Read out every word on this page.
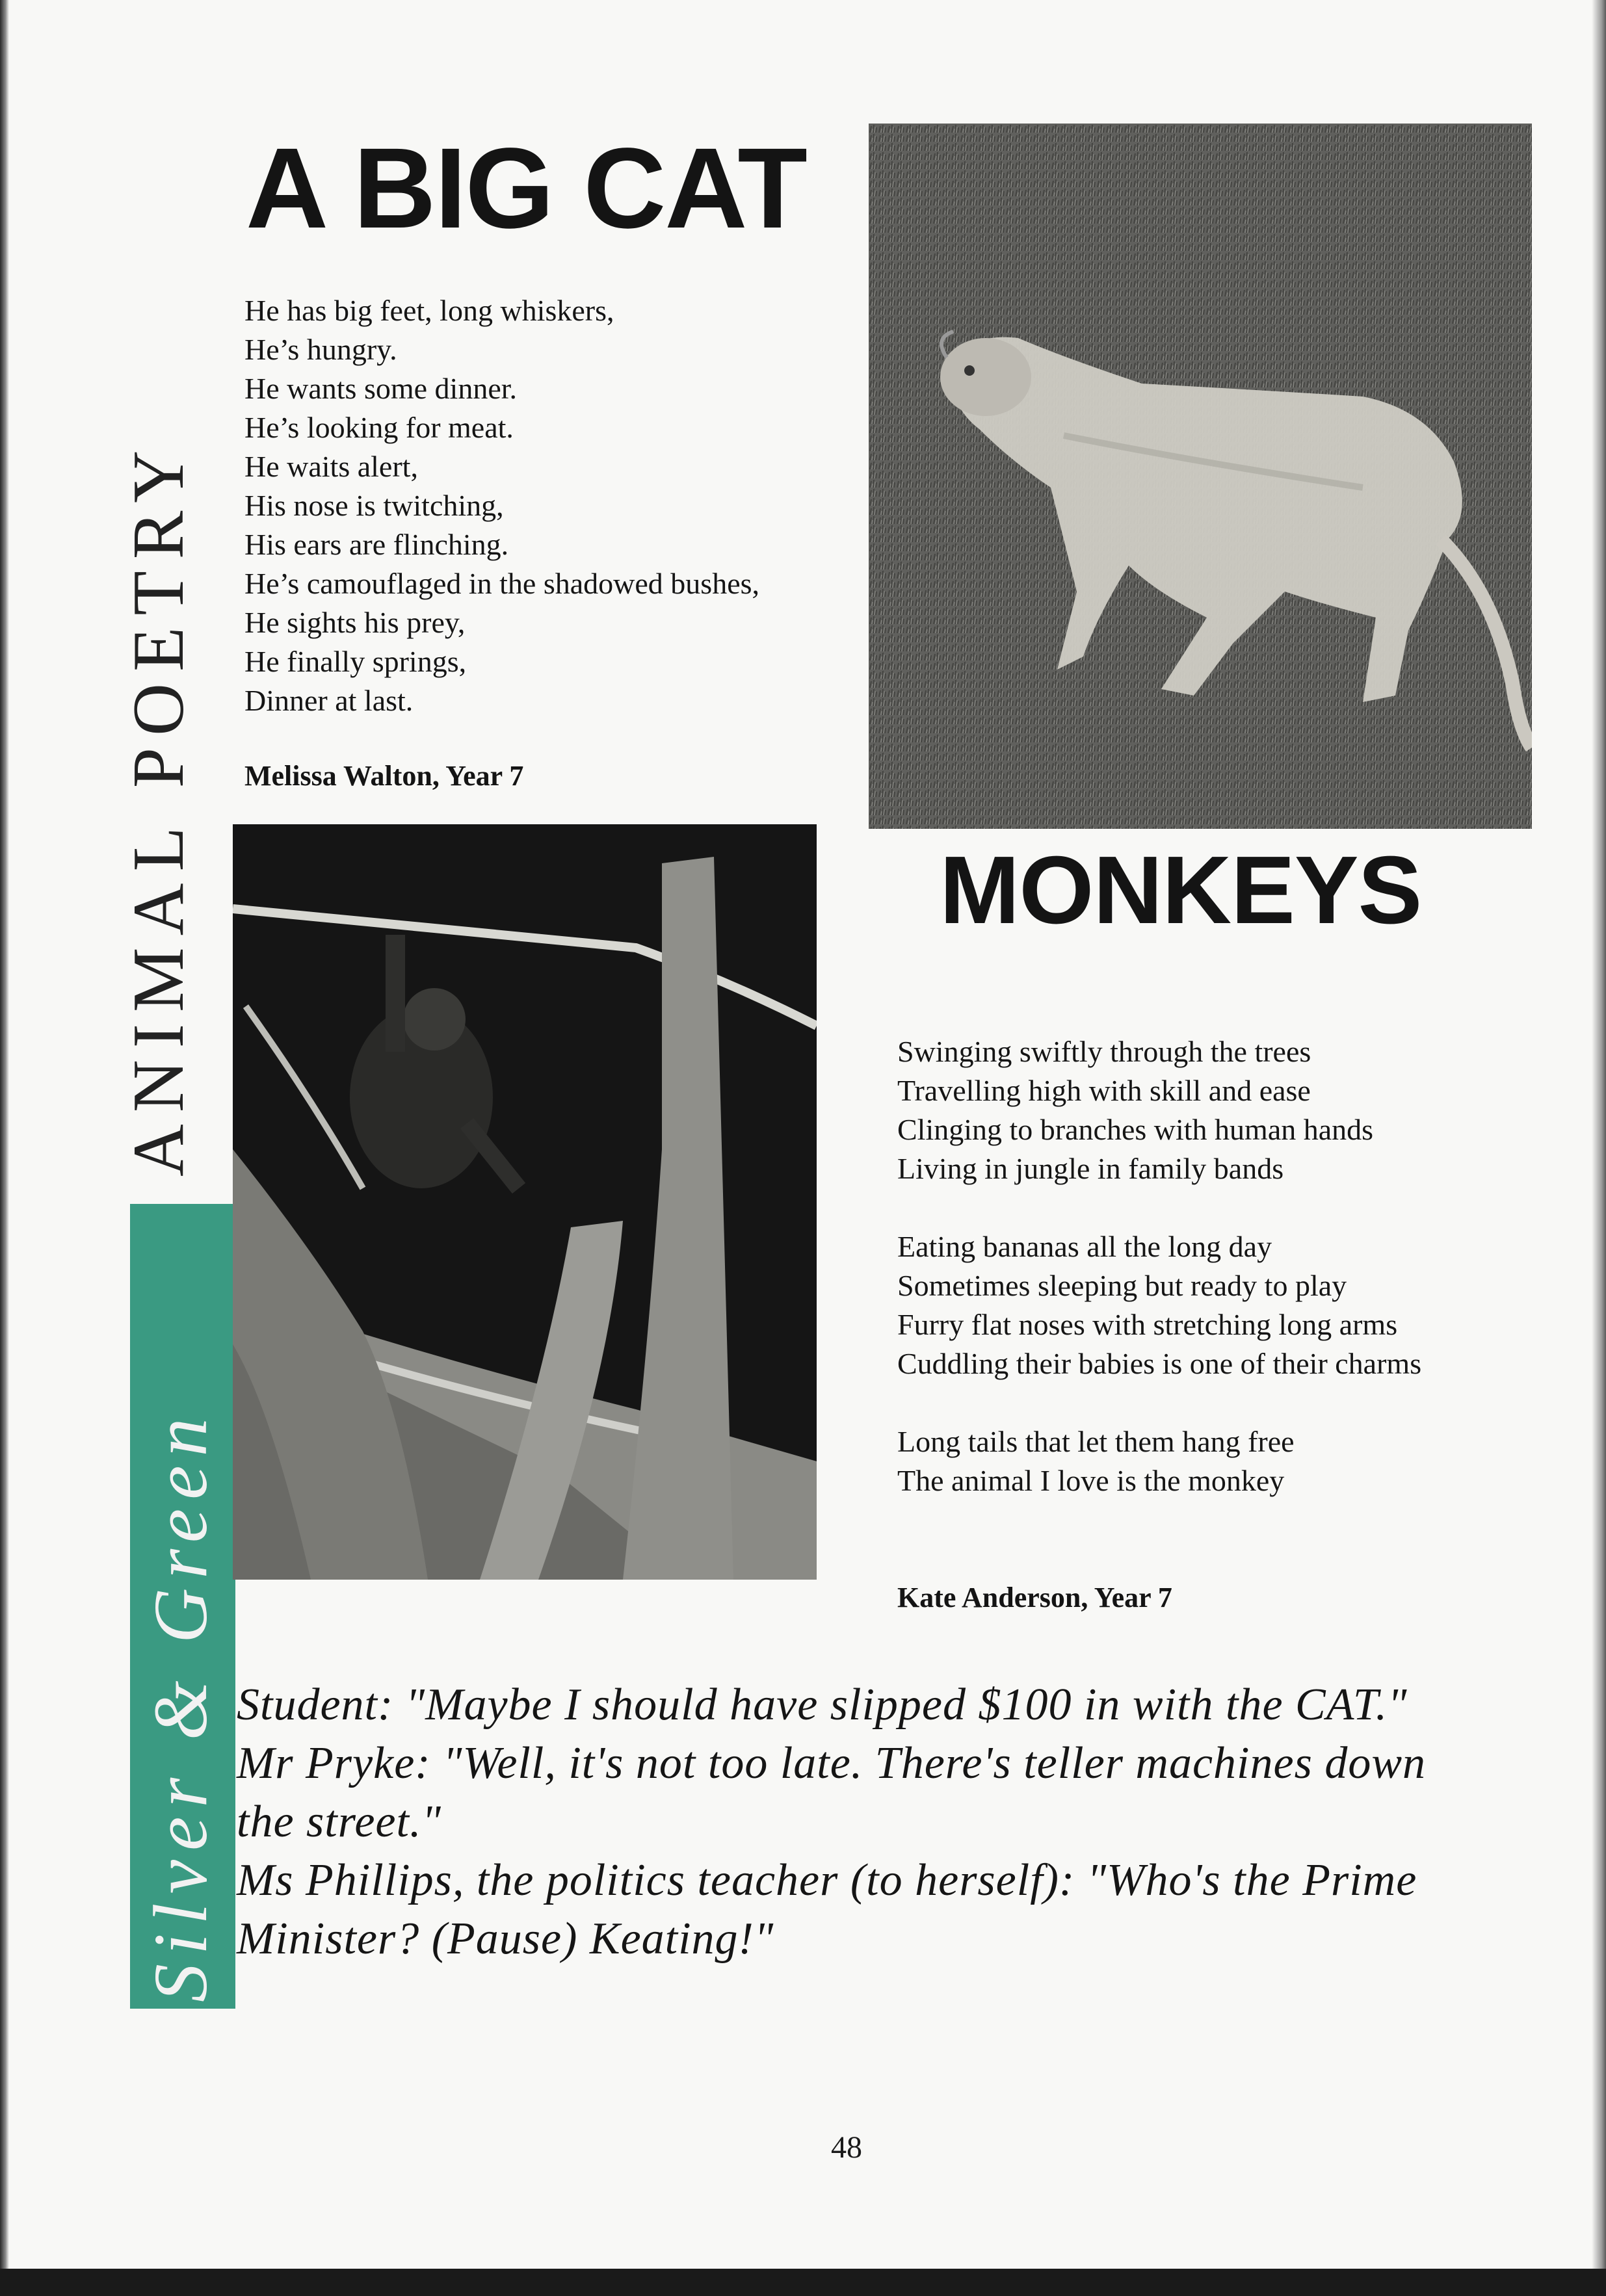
ANIMAL POETRY
Silver & Green
A BIG CAT
He has big feet, long whiskers,
He’s hungry.
He wants some dinner.
He’s looking for meat.
He waits alert,
His nose is twitching,
His ears are flinching.
He’s camouflaged in the shadowed bushes,
He sights his prey,
He finally springs,
Dinner at last.
Melissa Walton, Year 7
MONKEYS
Swinging swiftly through the trees
Travelling high with skill and ease
Clinging to branches with human hands
Living in jungle in family bands
Eating bananas all the long day
Sometimes sleeping but ready to play
Furry flat noses with stretching long arms
Cuddling their babies is one of their charms
Long tails that let them hang free
The animal I love is the monkey
Kate Anderson, Year 7
Student: "Maybe I should have slipped $100 in with the CAT."
Mr Pryke: "Well, it's not too late. There's teller machines down the street."
Ms Phillips, the politics teacher (to herself): "Who's the Prime Minister? (Pause) Keating!"
48
